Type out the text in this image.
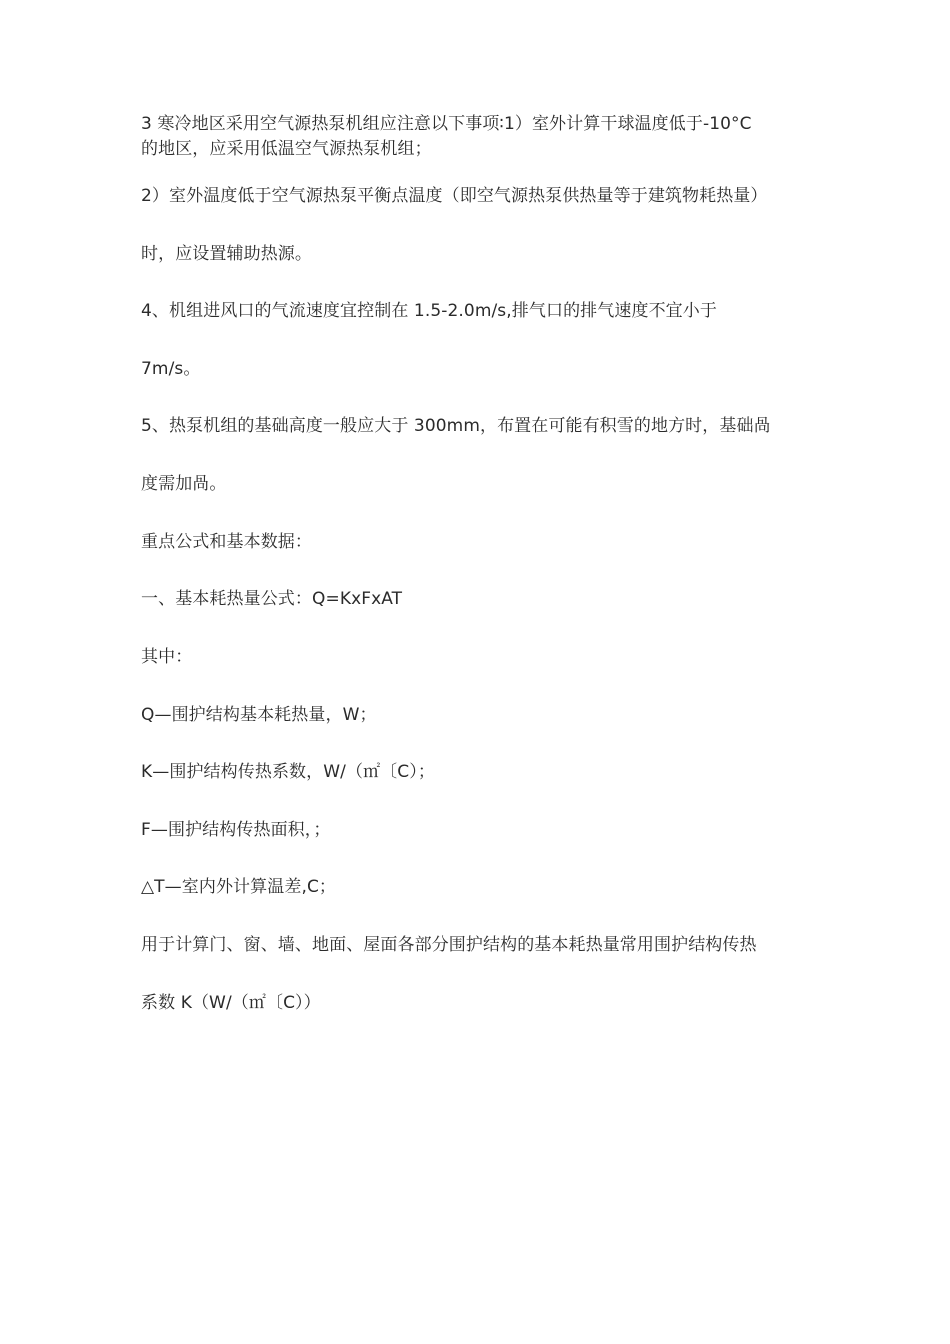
3 寒冷地区采用空气源热泵机组应注意以下事项∶1）室外计算干球温度低于-10°C
的地区，应采用低温空气源热泵机组；
2）室外温度低于空气源热泵平衡点温度（即空气源热泵供热量等于建筑物耗热量）
时，应设置辅助热源。
4、机组进风口的气流速度宜控制在 1.5-2.0m/s,排气口的排气速度不宜小于
7m/s。
5、热泵机组的基础高度一般应大于 300mm，布置在可能有积雪的地方时，基础咼
度需加咼。
重点公式和基本数据：
一、基本耗热量公式：Q=KxFxAT
其中：
Q—围护结构基本耗热量，W；
K—围护结构传热系数，W/（㎡〔C）；
F—围护结构传热面积，；
△T—室内外计算温差,C；
用于计算门、窗、墙、地面、屋面各部分围护结构的基本耗热量常用围护结构传热
系数 K（W/（㎡〔C））
